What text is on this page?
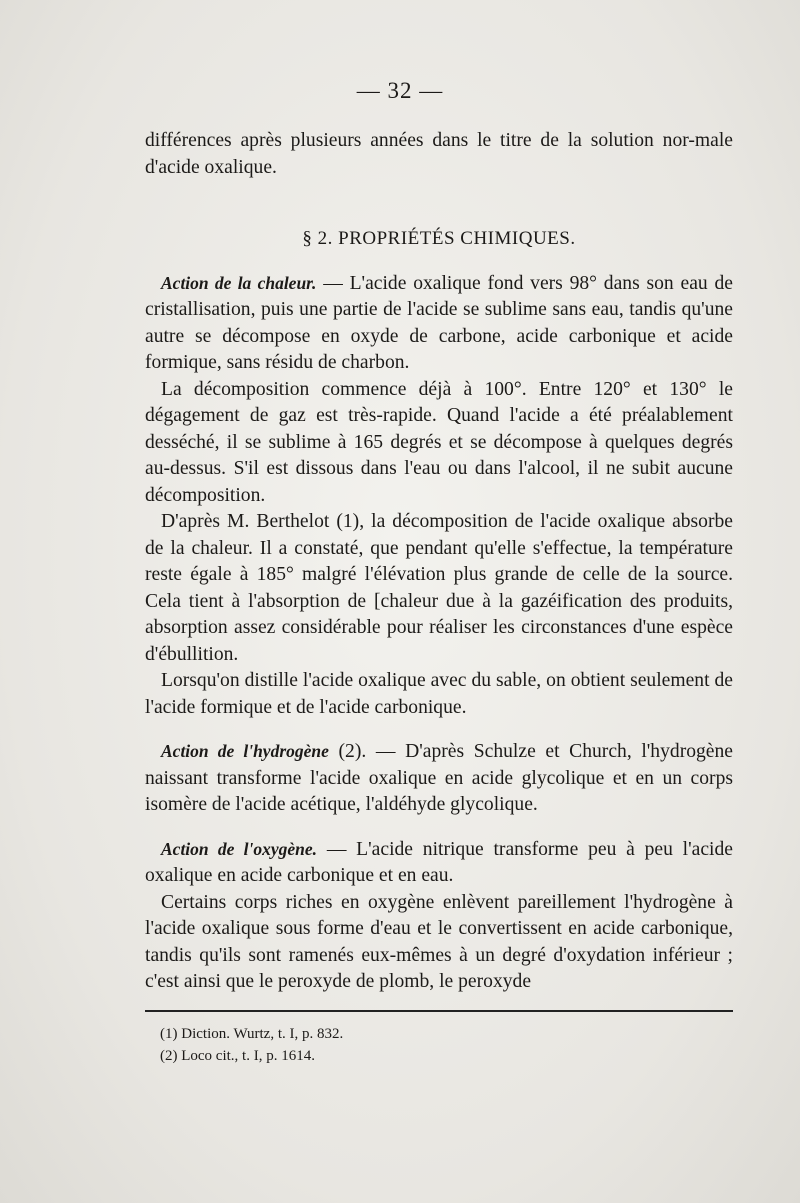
— 32 —

différences après plusieurs années dans le titre de la solution nor-male d'acide oxalique.

§ 2. PROPRIÉTÉS CHIMIQUES.

Action de la chaleur. — L'acide oxalique fond vers 98° dans son eau de cristallisation, puis une partie de l'acide se sublime sans eau, tandis qu'une autre se décompose en oxyde de carbone, acide carbonique et acide formique, sans résidu de charbon.

La décomposition commence déjà à 100°. Entre 120° et 130° le dégagement de gaz est très-rapide. Quand l'acide a été préalablement desséché, il se sublime à 165 degrés et se décompose à quelques degrés au-dessus. S'il est dissous dans l'eau ou dans l'alcool, il ne subit aucune décomposition.

D'après M. Berthelot (1), la décomposition de l'acide oxalique absorbe de la chaleur. Il a constaté, que pendant qu'elle s'effectue, la température reste égale à 185° malgré l'élévation plus grande de celle de la source. Cela tient à l'absorption de [chaleur due à la gazéification des produits, absorption assez considérable pour réaliser les circonstances d'une espèce d'ébullition.

Lorsqu'on distille l'acide oxalique avec du sable, on obtient seulement de l'acide formique et de l'acide carbonique.

Action de l'hydrogène (2). — D'après Schulze et Church, l'hydrogène naissant transforme l'acide oxalique en acide glycolique et en un corps isomère de l'acide acétique, l'aldéhyde glycolique.

Action de l'oxygène. — L'acide nitrique transforme peu à peu l'acide oxalique en acide carbonique et en eau.

Certains corps riches en oxygène enlèvent pareillement l'hydrogène à l'acide oxalique sous forme d'eau et le convertissent en acide carbonique, tandis qu'ils sont ramenés eux-mêmes à un degré d'oxydation inférieur ; c'est ainsi que le peroxyde de plomb, le peroxyde

(1) Diction. Wurtz, t. I, p. 832.
(2) Loco cit., t. I, p. 1614.
